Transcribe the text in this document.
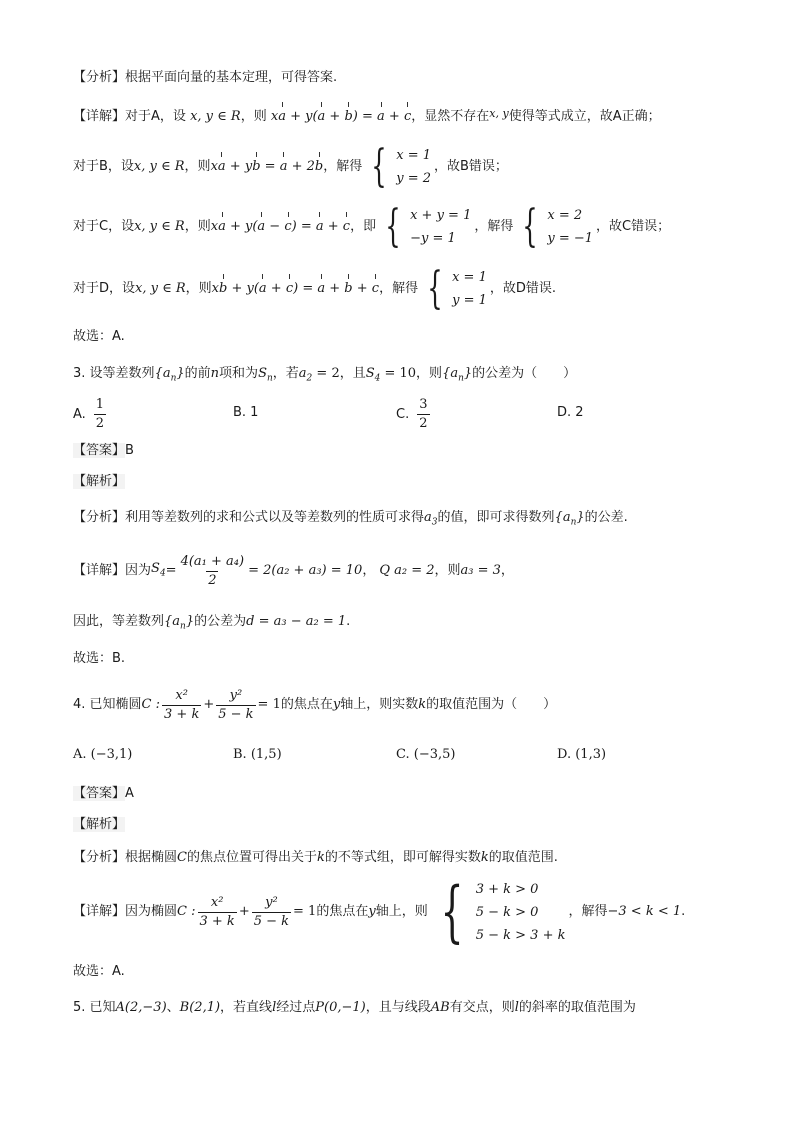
【分析】根据平面向量的基本定理，可得答案.
【详解】对于A，设 x, y ∈ R，则 xa + y(a + b) = a + c，显然不存在$^{x, y}$使得等式成立，故A正确；
对于B，设 x, y ∈ R ，则 xa + yb = a + 2b ，解得 { x = 1
y = 2
，故B错误；
对于C，设 x, y ∈ R ，则 xa + y(a − c) = a + c ，即 { x + y = 1
−y = 1
，解得 { x = 2
y = −1
，故C错误；
对于D，设 x, y ∈ R ，则 xb + y(a + c) = a + b + c ，解得 { x = 1
y = 1
，故D错误.
故选：A.
3. 设等差数列$\{a_n\}$的前n项和为$S_n$，若$a_2 = 2$，且$S_4 = 10$，则$\{a_n\}$的公差为（　　）
A. $\frac{1}{2}$	B. 1	C. $\frac{3}{2}$	D. 2
【答案】B
【解析】
【分析】利用等差数列的求和公式以及等差数列的性质可求得$a_3$的值，即可求得数列$\{a_n\}$的公差.
【详解】 因为 $S_4 = \frac{\text{4(a₁ + a₄)}}{2} = 2(a_2 + a_3) = 10$ ， Q a₂ = 2 ，则 a₃ = 3 ，
因此，等差数列$\{a_n\}$的公差为d = a₃ − a₂ = 1.
故选：B.
4. 已知椭圆 C : $\frac{\text{x²}}{3 + k} + \frac{\text{y²}}{5 - k} = 1$ 的焦点在 y 轴上，则实数 k 的取值范围为（　　）
A. (−3,1)	B. (1,5)	C. (−3,5)	D. (1,3)
【答案】A
【解析】
【分析】根据椭圆C的焦点位置可得出关于k的不等式组，即可解得实数k的取值范围.
【详解】 因为椭圆 C : $\frac{\text{x²}}{3 + k} + \frac{\text{y²}}{5 - k} = 1$ 的焦点在 y 轴上，则 { 3 + k > 0
5 − k > 0
5 − k > 3 + k
，解得 −3 < k < 1 .
故选：A.
5. 已知A(2,−3)、B(2,1)，若直线l经过点P(0,−1)，且与线段AB有交点，则l的斜率的取值范围为
